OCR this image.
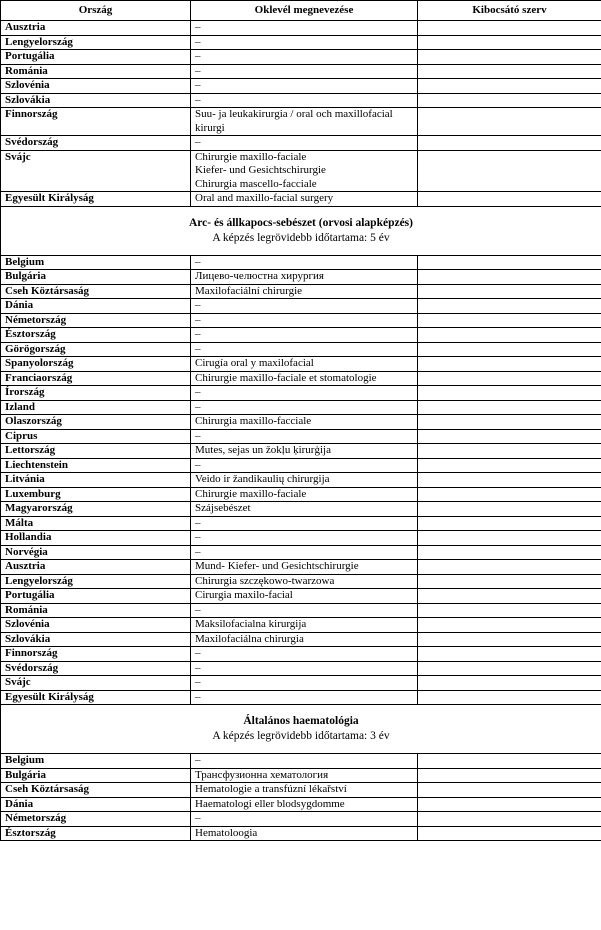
Ország	Oklevél megnevezése	Kibocsátó szerv
Ausztria	–	
Lengyelország	–	
Portugália	–	
Románia	–	
Szlovénia	–	
Szlovákia	–	
Finnország	Suu- ja leukakirurgia / oral och maxillofacial kirurgi	
Svédország	–	
Svájc	Chirurgie maxillo-faciale
Kiefer- und Gesichtschirurgie
Chirurgia mascello-facciale	
Egyesült Királyság	Oral and maxillo-facial surgery	

Arc- és állkapocs-sebészet (orvosi alapképzés)
A képzés legrövidebb időtartama: 5 év		

Belgium	–	
Bulgária	Лицево-челюстна хирургия	
Cseh Köztársaság	Maxilofaciální chirurgie	
Dánia	–	
Németország	–	
Észtország	–	
Görögország	–	
Spanyolország	Cirugía oral y maxilofacial	
Franciaország	Chirurgie maxillo-faciale et stomatologie	
Írország	–	
Izland	–	
Olaszország	Chirurgia maxillo-facciale	
Ciprus	–	
Lettország	Mutes, sejas un žokļu ķirurģija	
Liechtenstein	–	
Litvánia	Veido ir žandikaulių chirurgija	
Luxemburg	Chirurgie maxillo-faciale	
Magyarország	Szájsebészet	
Málta	–	
Hollandia	–	
Norvégia	–	
Ausztria	Mund- Kiefer- und Gesichtschirurgie	
Lengyelország	Chirurgia szczękowo-twarzowa	
Portugália	Cirurgia maxilo-facial	
Románia	–	
Szlovénia	Maksilofacialna kirurgija	
Szlovákia	Maxilofaciálna chirurgia	
Finnország	–	
Svédország	–	
Svájc	–	
Egyesült Királyság	–	

Általános haematológia
A képzés legrövidebb időtartama: 3 év		

Belgium	–	
Bulgária	Трансфузионна хематология	
Cseh Köztársaság	Hematologie a transfúzní lékařství	
Dánia	Haematologi eller blodsygdomme	
Németország	–	
Észtország	Hematoloogia	
